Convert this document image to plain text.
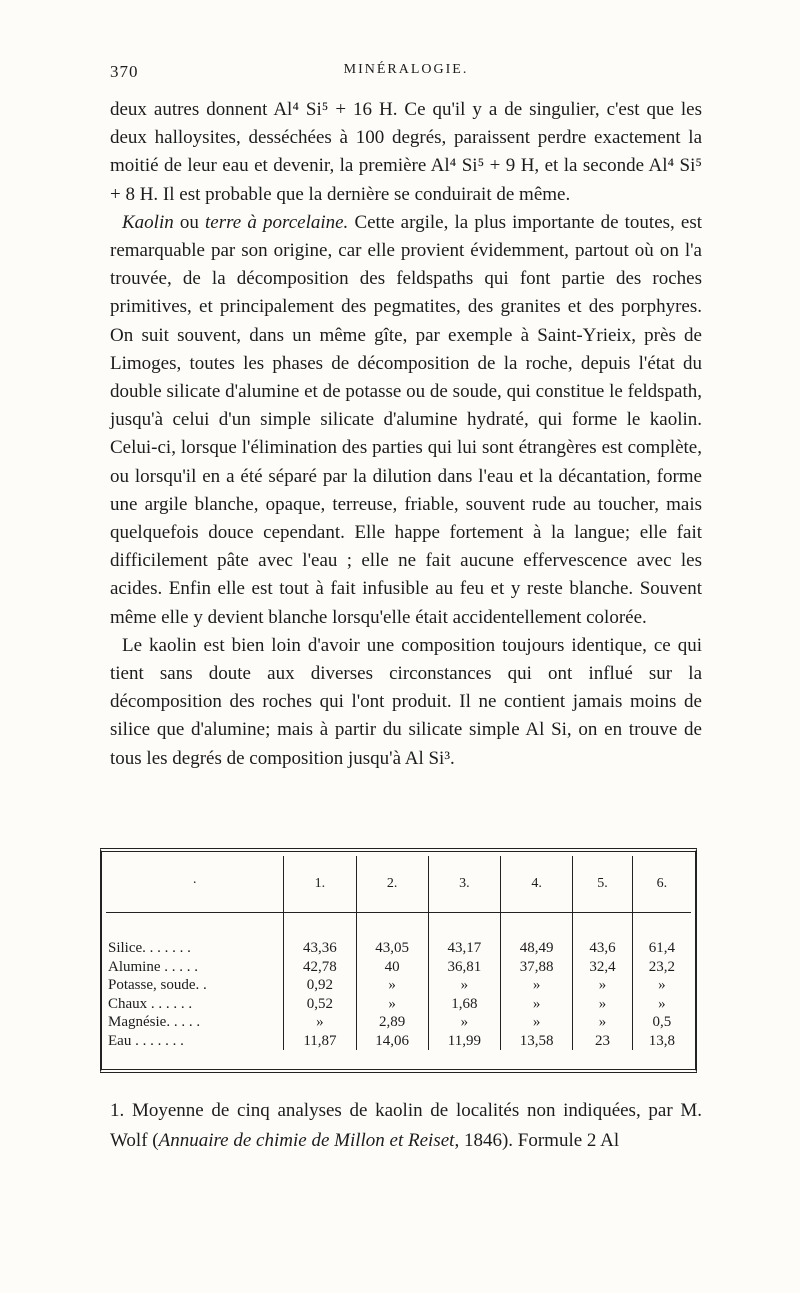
370	MINÉRALOGIE.

deux autres donnent Al⁴ Si⁵ + 16 H. Ce qu'il y a de singulier, c'est que les deux halloysites, desséchées à 100 degrés, paraissent perdre exactement la moitié de leur eau et devenir, la première Al⁴ Si⁵ + 9 H, et la seconde Al⁴ Si⁵ + 8 H. Il est probable que la dernière se conduirait de même.

Kaolin ou terre à porcelaine. Cette argile, la plus importante de toutes, est remarquable par son origine, car elle provient évidemment, partout où on l'a trouvée, de la décomposition des feldspaths qui font partie des roches primitives, et principalement des pegmatites, des granites et des porphyres. On suit souvent, dans un même gîte, par exemple à Saint-Yrieix, près de Limoges, toutes les phases de décomposition de la roche, depuis l'état du double silicate d'alumine et de potasse ou de soude, qui constitue le feldspath, jusqu'à celui d'un simple silicate d'alumine hydraté, qui forme le kaolin. Celui-ci, lorsque l'élimination des parties qui lui sont étrangères est complète, ou lorsqu'il en a été séparé par la dilution dans l'eau et la décantation, forme une argile blanche, opaque, terreuse, friable, souvent rude au toucher, mais quelquefois douce cependant. Elle happe fortement à la langue; elle fait difficilement pâte avec l'eau ; elle ne fait aucune effervescence avec les acides. Enfin elle est tout à fait infusible au feu et y reste blanche. Souvent même elle y devient blanche lorsqu'elle était accidentellement colorée.

Le kaolin est bien loin d'avoir une composition toujours identique, ce qui tient sans doute aux diverses circonstances qui ont influé sur la décomposition des roches qui l'ont produit. Il ne contient jamais moins de silice que d'alumine; mais à partir du silicate simple Al Si, on en trouve de tous les degrés de composition jusqu'à Al Si³.

·	1.	2.	3.	4.	5.	6.

Silice. . . . . . .	43,36	43,05	43,17	48,49	43,6	61,4
Alumine . . . . .	42,78	40	36,81	37,88	32,4	23,2
Potasse, soude. .	0,92	»	»	»	»	»
Chaux . . . . . .	0,52	»	1,68	»	»	»
Magnésie. . . . .	»	2,89	»	»	»	0,5
Eau . . . . . . .	11,87	14,06	11,99	13,58	23	13,8

1. Moyenne de cinq analyses de kaolin de localités non indiquées, par M. Wolf (Annuaire de chimie de Millon et Reiset, 1846). Formule 2 Al
